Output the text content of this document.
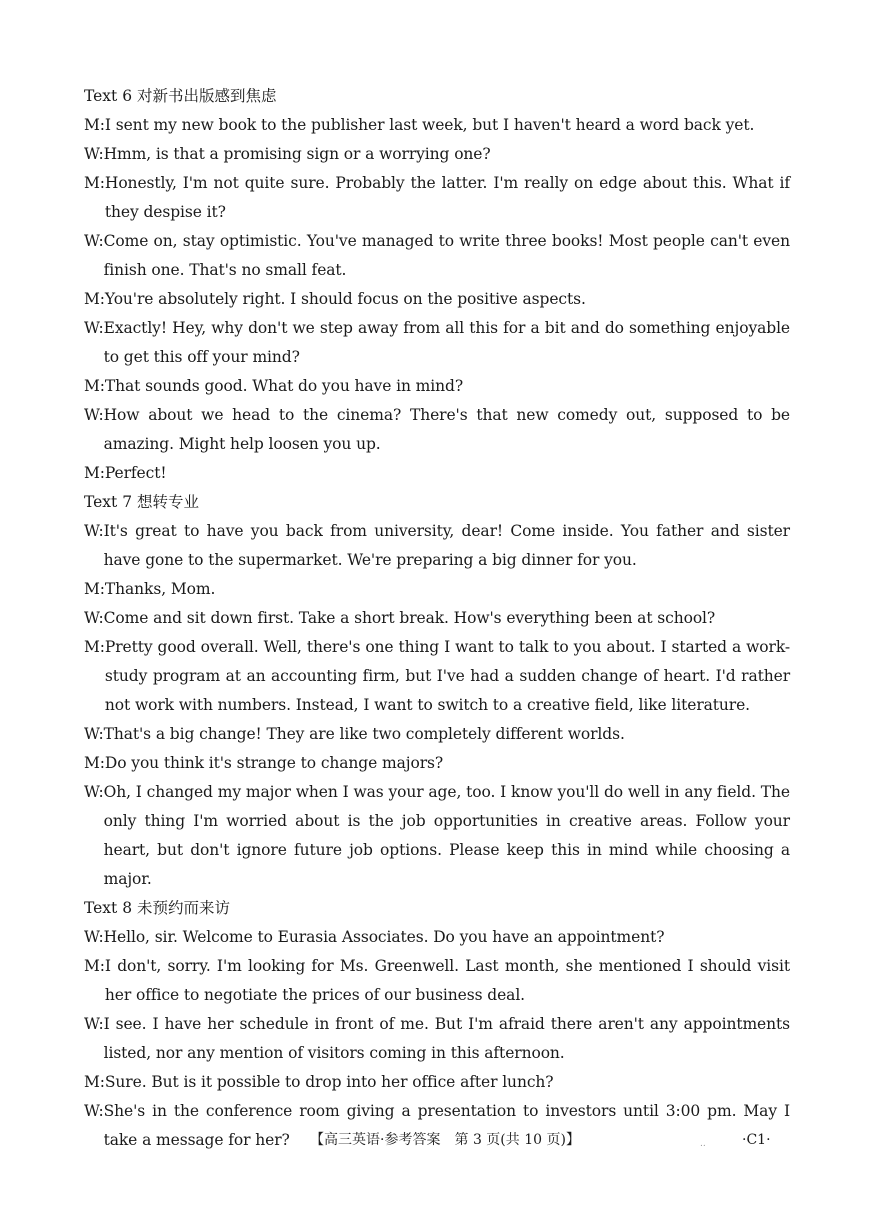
Text 6 对新书出版感到焦虑
M: I sent my new book to the publisher last week, but I haven't heard a word back yet.
W: Hmm, is that a promising sign or a worrying one?
M: Honestly, I'm not quite sure. Probably the latter. I'm really on edge about this. What if they despise it?
W: Come on, stay optimistic. You've managed to write three books! Most people can't even finish one. That's no small feat.
M: You're absolutely right. I should focus on the positive aspects.
W: Exactly! Hey, why don't we step away from all this for a bit and do something enjoyable to get this off your mind?
M: That sounds good. What do you have in mind?
W: How about we head to the cinema? There's that new comedy out, supposed to be amazing. Might help loosen you up.
M: Perfect!
Text 7 想转专业
W: It's great to have you back from university, dear! Come inside. You father and sister have gone to the supermarket. We're preparing a big dinner for you.
M: Thanks, Mom.
W: Come and sit down first. Take a short break. How's everything been at school?
M: Pretty good overall. Well, there's one thing I want to talk to you about. I started a work-study program at an accounting firm, but I've had a sudden change of heart. I'd rather not work with numbers. Instead, I want to switch to a creative field, like literature.
W: That's a big change! They are like two completely different worlds.
M: Do you think it's strange to change majors?
W: Oh, I changed my major when I was your age, too. I know you'll do well in any field. The only thing I'm worried about is the job opportunities in creative areas. Follow your heart, but don't ignore future job options. Please keep this in mind while choosing a major.
Text 8 未预约而来访
W: Hello, sir. Welcome to Eurasia Associates. Do you have an appointment?
M: I don't, sorry. I'm looking for Ms. Greenwell. Last month, she mentioned I should visit her office to negotiate the prices of our business deal.
W: I see. I have her schedule in front of me. But I'm afraid there aren't any appointments listed, nor any mention of visitors coming in this afternoon.
M: Sure. But is it possible to drop into her office after lunch?
W: She's in the conference room giving a presentation to investors until 3:00 pm. May I take a message for her?	【高三英语·参考答案　第 3 页(共 10 页)】	..	·C1·
